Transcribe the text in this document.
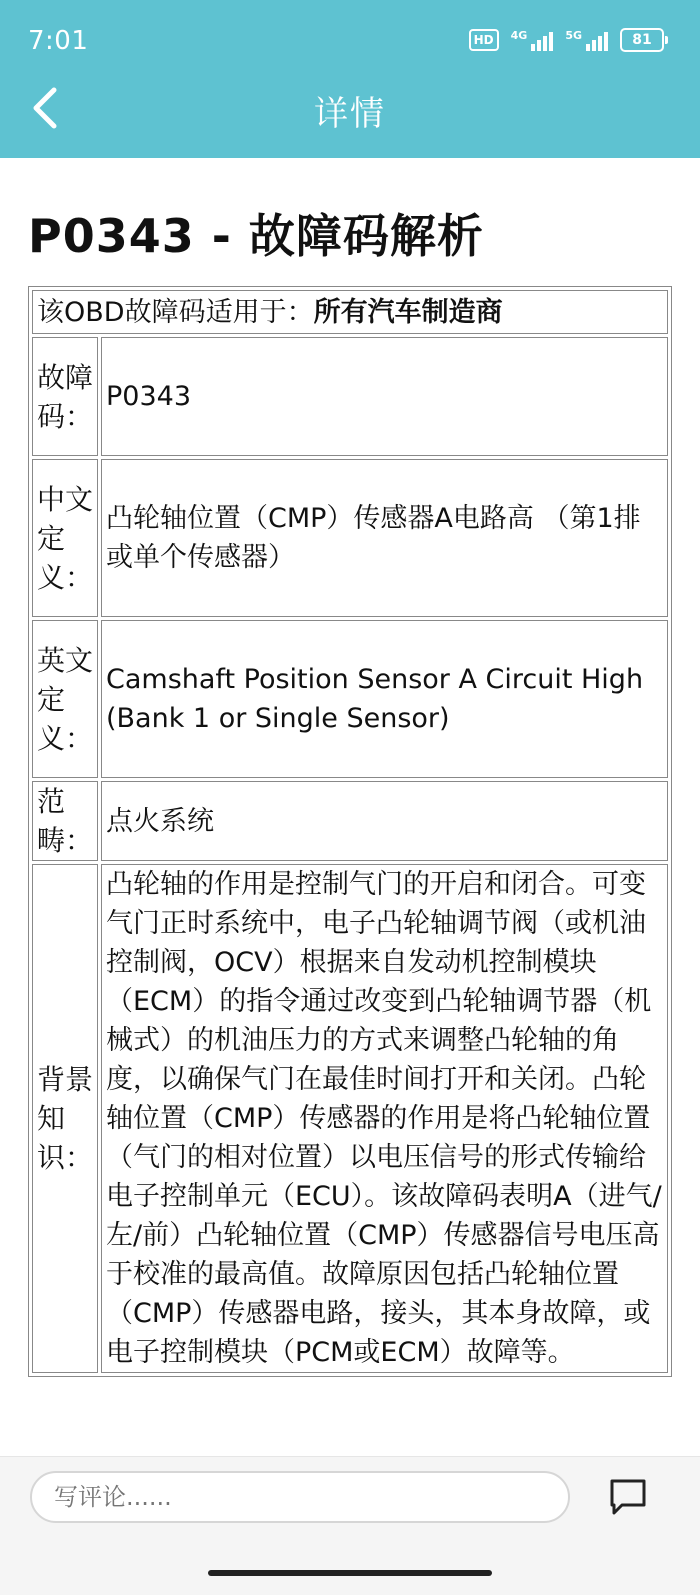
7:01	HD	4G	5G	81
详情
P0343 - 故障码解析
该OBD故障码适用于：所有汽车制造商	
故障码：	P0343
中文定义：	凸轮轴位置（CMP）传感器A电路高 （第1排或单个传感器）
英文定义：	Camshaft Position Sensor A Circuit High (Bank 1 or Single Sensor)
范畴：	点火系统
背景知识：	凸轮轴的作用是控制气门的开启和闭合。可变气门正时系统中，电子凸轮轴调节阀（或机油控制阀，OCV）根据来自发动机控制模块（ECM）的指令通过改变到凸轮轴调节器（机械式）的机油压力的方式来调整凸轮轴的角度，以确保气门在最佳时间打开和关闭。凸轮轴位置（CMP）传感器的作用是将凸轮轴位置（气门的相对位置）以电压信号的形式传输给电子控制单元（ECU）。该故障码表明A（进气/左/前）凸轮轴位置（CMP）传感器信号电压高于校准的最高值。故障原因包括凸轮轴位置（CMP）传感器电路，接头，其本身故障，或电子控制模块（PCM或ECM）故障等。
写评论......
